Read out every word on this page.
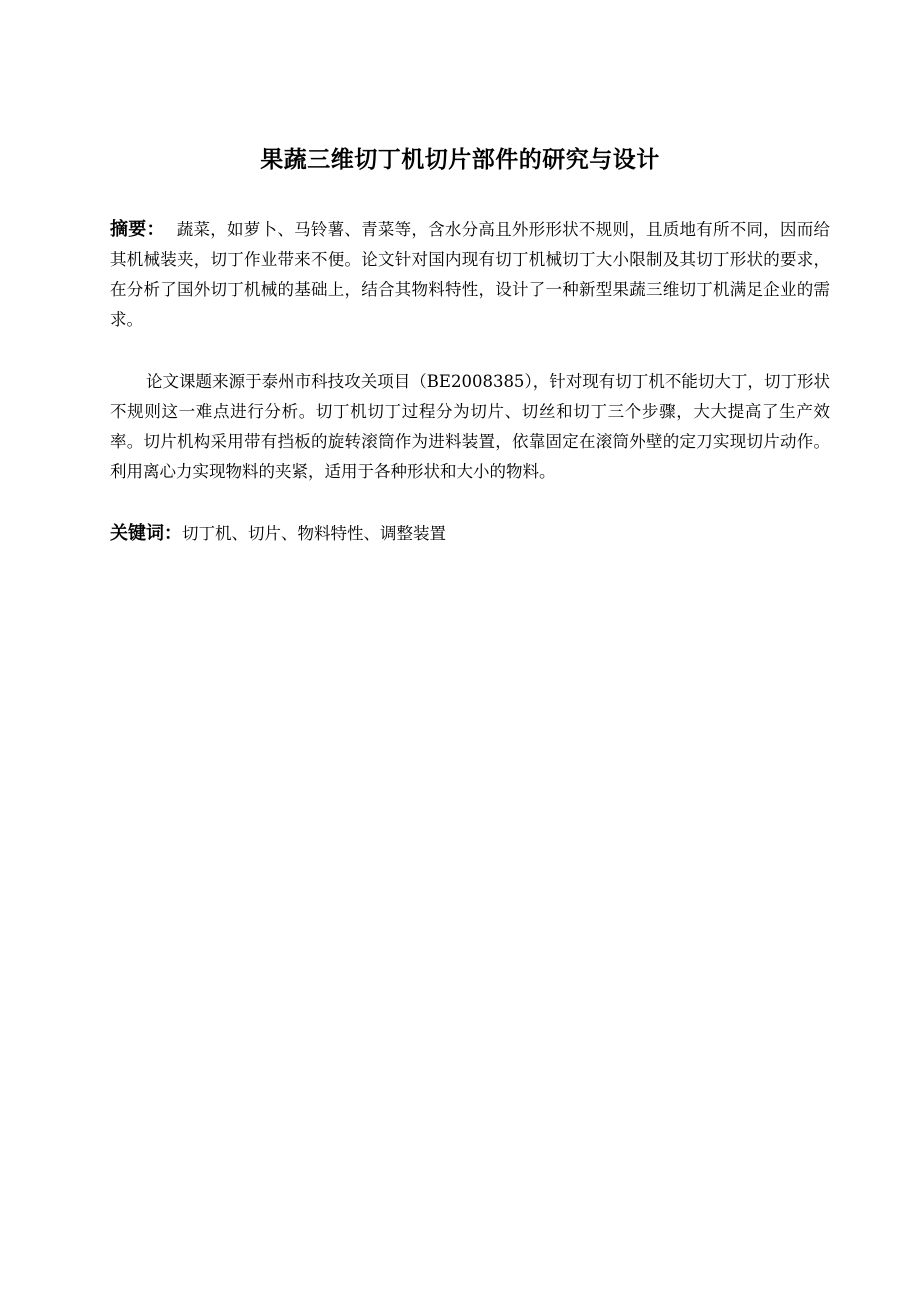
果蔬三维切丁机切片部件的研究与设计
摘要： 蔬菜，如萝卜、马铃薯、青菜等，含水分高且外形形状不规则，且质地有所不同，因而给其机械装夹，切丁作业带来不便。论文针对国内现有切丁机械切丁大小限制及其切丁形状的要求，在分析了国外切丁机械的基础上，结合其物料特性，设计了一种新型果蔬三维切丁机满足企业的需求。
论文课题来源于泰州市科技攻关项目（BE2008385），针对现有切丁机不能切大丁，切丁形状不规则这一难点进行分析。切丁机切丁过程分为切片、切丝和切丁三个步骤，大大提高了生产效率。切片机构采用带有挡板的旋转滚筒作为进料装置，依靠固定在滚筒外壁的定刀实现切片动作。利用离心力实现物料的夹紧，适用于各种形状和大小的物料。
关键词：切丁机、切片、物料特性、调整装置
